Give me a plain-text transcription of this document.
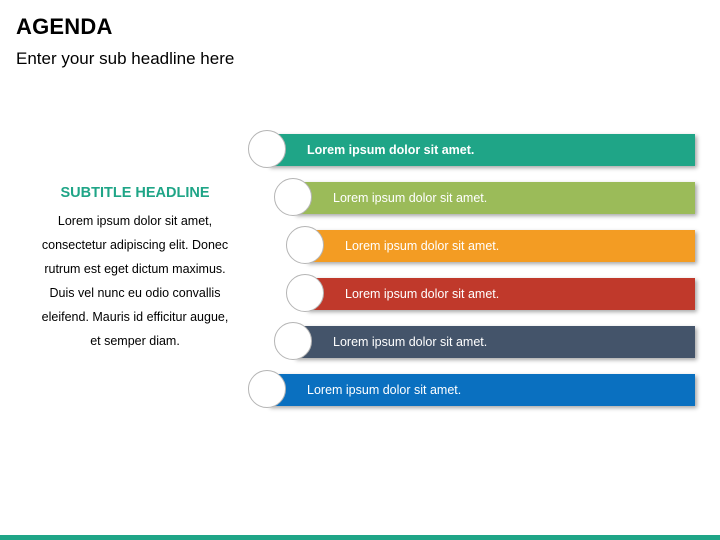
AGENDA
Enter your sub headline here
SUBTITLE HEADLINE
Lorem ipsum dolor sit amet,
consectetur adipiscing elit. Donec
rutrum est eget dictum maximus.
Duis vel nunc eu odio convallis
eleifend. Mauris id efficitur augue,
et semper diam.
Lorem ipsum dolor sit amet.
Lorem ipsum dolor sit amet.
Lorem ipsum dolor sit amet.
Lorem ipsum dolor sit amet.
Lorem ipsum dolor sit amet.
Lorem ipsum dolor sit amet.
